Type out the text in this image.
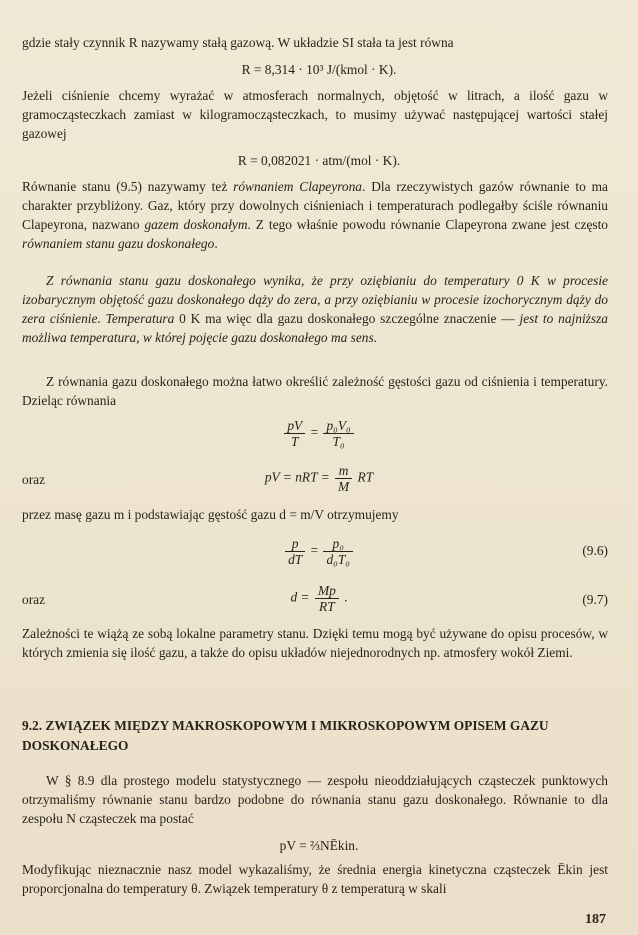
gdzie stały czynnik R nazywamy stałą gazową. W układzie SI stała ta jest równa
R = 8,314 · 10³ J/(kmol · K).
Jeżeli ciśnienie chcemy wyrażać w atmosferach normalnych, objętość w litrach, a ilość gazu w gramocząsteczkach zamiast w kilogramocząsteczkach, to musimy używać następującej wartości stałej gazowej
R = 0,082021 · atm/(mol · K).
Równanie stanu (9.5) nazywamy też równaniem Clapeyrona. Dla rzeczywistych gazów równanie to ma charakter przybliżony. Gaz, który przy dowolnych ciśnieniach i temperaturach podlegałby ściśle równaniu Clapeyrona, nazwano gazem doskonałym. Z tego właśnie powodu równanie Clapeyrona zwane jest często równaniem stanu gazu doskonałego.
Z równania stanu gazu doskonałego wynika, że przy oziębianiu do temperatury 0 K w procesie izobarycznym objętość gazu doskonałego dąży do zera, a przy oziębianiu w procesie izochorycznym dąży do zera ciśnienie. Temperatura 0 K ma więc dla gazu doskonałego szczególne znaczenie — jest to najniższa możliwa temperatura, w której pojęcie gazu doskonałego ma sens.
Z równania gazu doskonałego można łatwo określić zależność gęstości gazu od ciśnienia i temperatury. Dzieląc równania
$\frac{pV}{T} = \frac{\text{p₀V₀}}{\text{T₀}}$
oraz	pV = nRT = $\frac{m}{M}$ RT
przez masę gazu m i podstawiając gęstość gazu d = m/V otrzymujemy
$\frac{p}{dT} = \frac{\text{p₀}}{\text{d₀T₀}}$	(9.6)
oraz	$d = \frac{Mp}{RT}$ .	(9.7)
Zależności te wiążą ze sobą lokalne parametry stanu. Dzięki temu mogą być używane do opisu procesów, w których zmienia się ilość gazu, a także do opisu układów niejednorodnych np. atmosfery wokół Ziemi.
9.2. ZWIĄZEK MIĘDZY MAKROSKOPOWYM I MIKROSKOPOWYM OPISEM GAZU DOSKONAŁEGO
W § 8.9 dla prostego modelu statystycznego — zespołu nieoddziałujących cząsteczek punktowych otrzymaliśmy równanie stanu bardzo podobne do równania stanu gazu doskonałego. Równanie to dla zespołu N cząsteczek ma postać
pV = ⅔NĒkin.
Modyfikując nieznacznie nasz model wykazaliśmy, że średnia energia kinetyczna cząsteczek Ēkin jest proporcjonalna do temperatury θ. Związek temperatury θ z temperaturą w skali
187
